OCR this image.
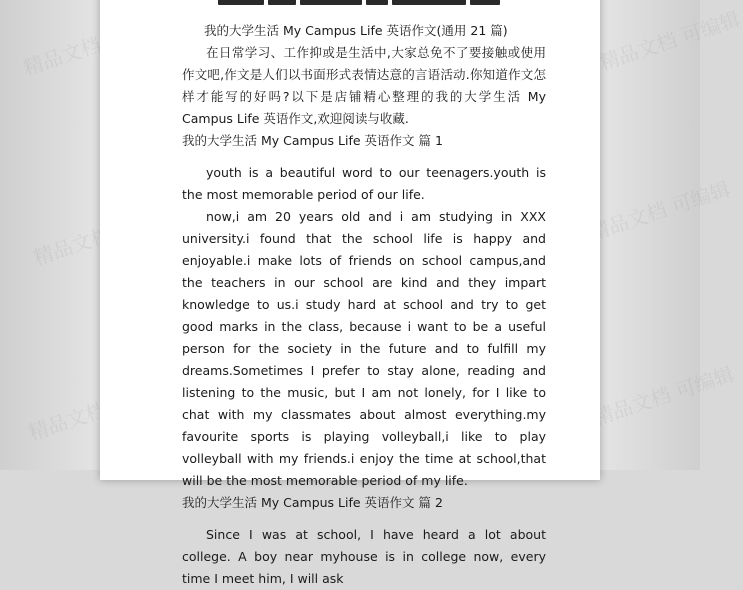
精品文档 可编辑
精品文档
精品文档 可编辑
精品文档 可编辑
精品文档 可编辑
精品文档 可编辑

我的大学生活 My Campus Life 英语作文(通用 21 篇)

在日常学习、工作抑或是生活中,大家总免不了要接触或使用作文吧,作文是人们以书面形式表情达意的言语活动.你知道作文怎样才能写的好吗?以下是店铺精心整理的我的大学生活 My Campus Life 英语作文,欢迎阅读与收藏.

我的大学生活 My Campus Life 英语作文 篇 1

youth is a beautiful word to our teenagers.youth is the most memorable period of our life.

now,i am 20 years old and i am studying in XXX university.i found that the school life is happy and enjoyable.i make lots of friends on school campus,and the teachers in our school are kind and they impart knowledge to us.i study hard at school and try to get good marks in the class, because i want to be a useful person for the society in the future and to fulfill my dreams.Sometimes I prefer to stay alone, reading and listening to the music, but I am not lonely, for I like to chat with my classmates about almost everything.my favourite sports is playing volleyball,i like to play volleyball with my friends.i enjoy the time at school,that will be the most memorable period of my life.

我的大学生活 My Campus Life 英语作文 篇 2

Since I was at school, I have heard a lot about college. A boy near myhouse is in college now, every time I meet him, I will ask
